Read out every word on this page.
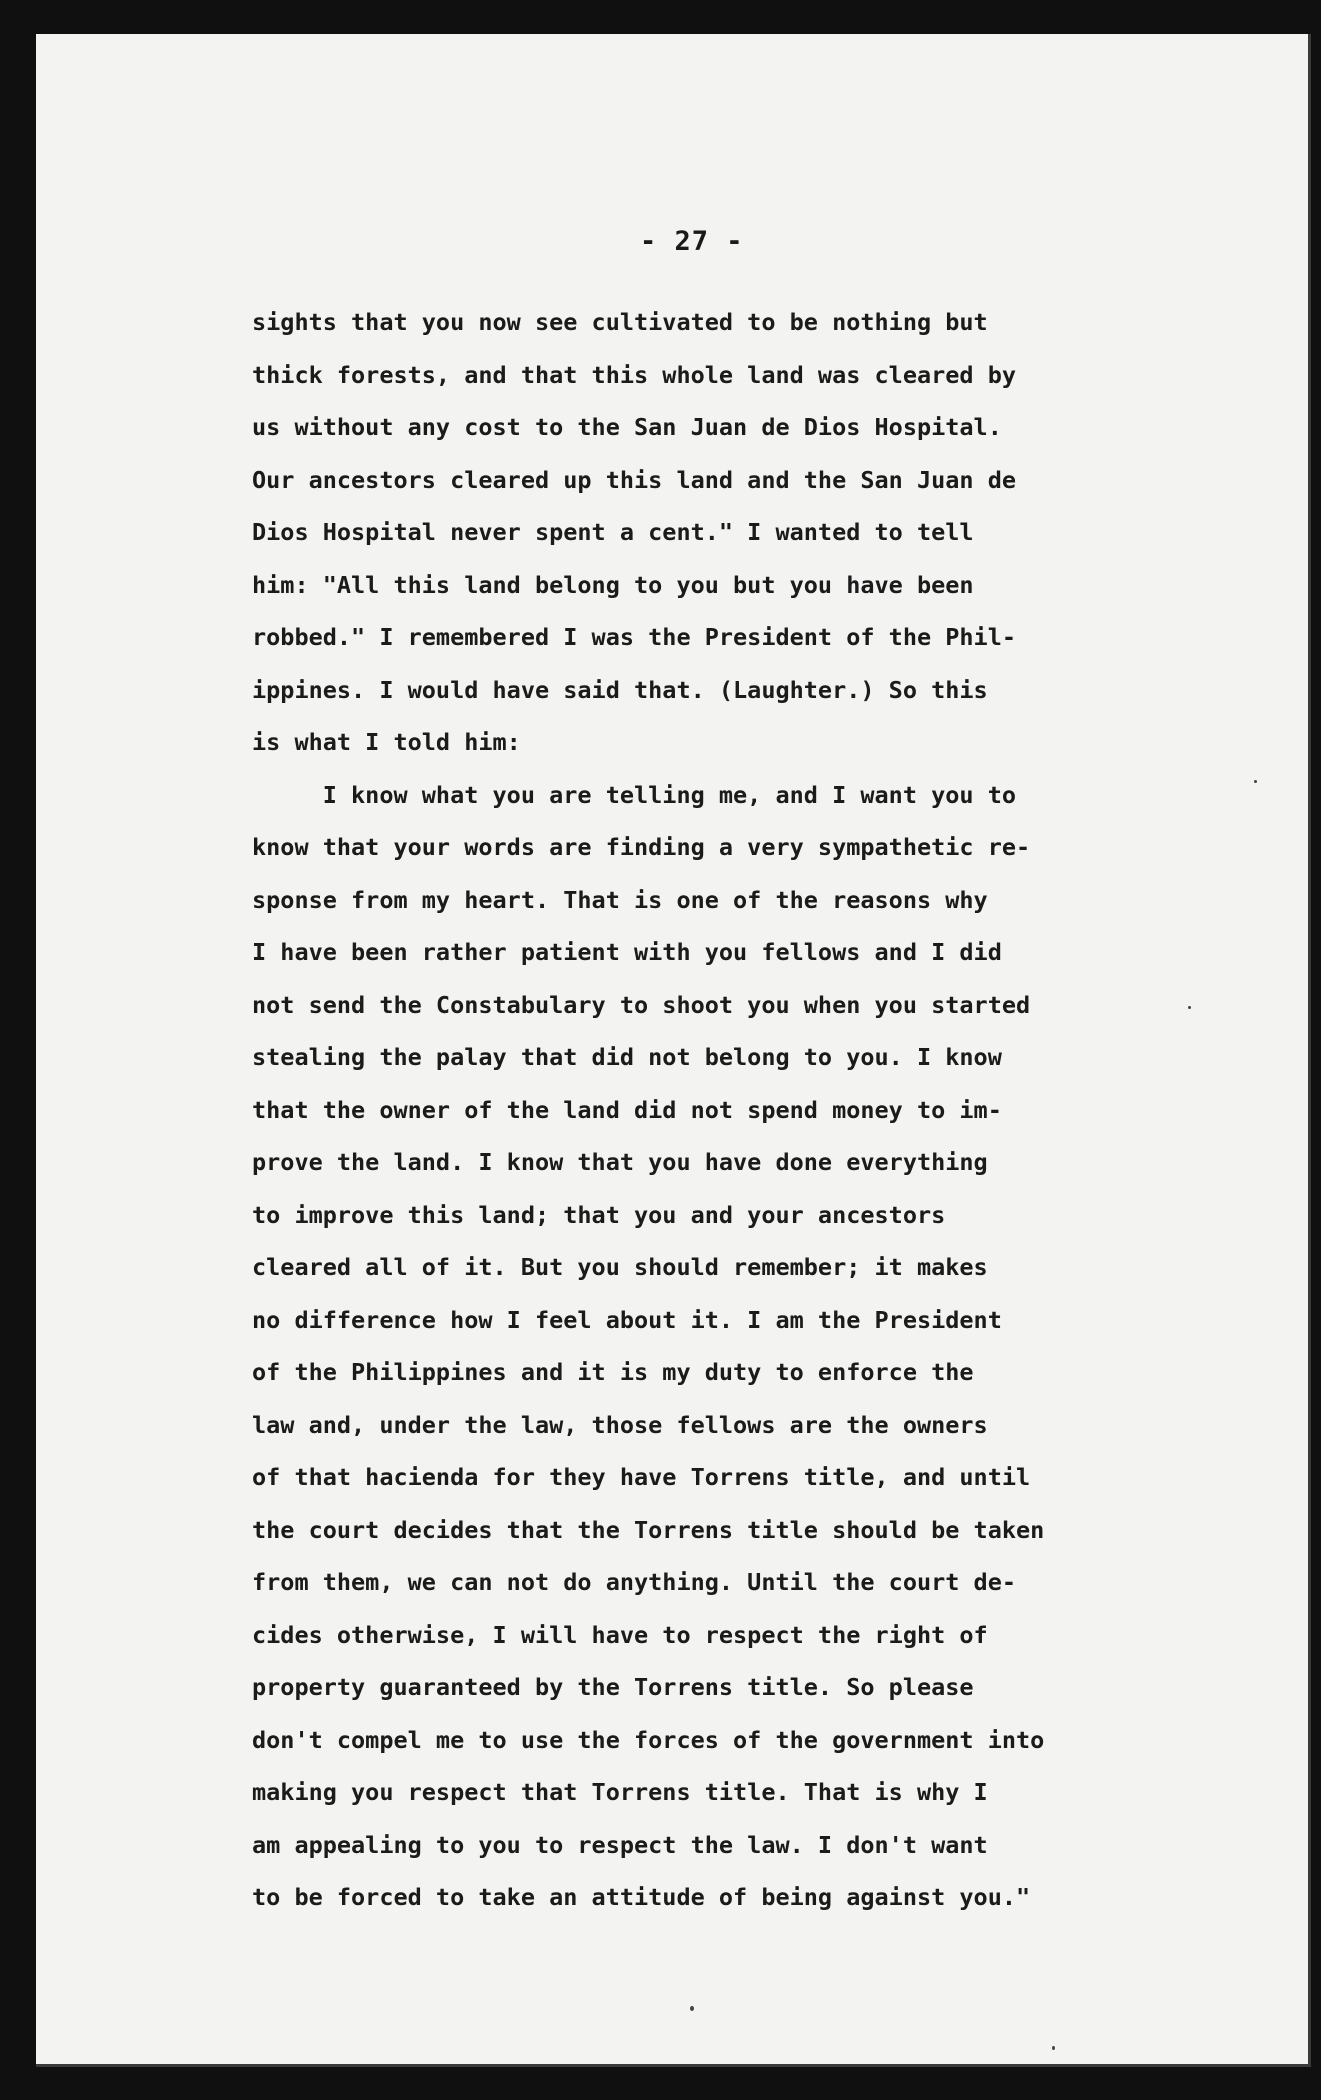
- 27 -
sights that you now see cultivated to be nothing but
thick forests, and that this whole land was cleared by
us without any cost to the San Juan de Dios Hospital.
Our ancestors cleared up this land and the San Juan de
Dios Hospital never spent a cent." I wanted to tell
him: "All this land belong to you but you have been
robbed." I remembered I was the President of the Phil-
ippines. I would have said that. (Laughter.) So this
is what I told him:
I know what you are telling me, and I want you to
know that your words are finding a very sympathetic re-
sponse from my heart. That is one of the reasons why
I have been rather patient with you fellows and I did
not send the Constabulary to shoot you when you started
stealing the palay that did not belong to you. I know
that the owner of the land did not spend money to im-
prove the land. I know that you have done everything
to improve this land; that you and your ancestors
cleared all of it. But you should remember; it makes
no difference how I feel about it. I am the President
of the Philippines and it is my duty to enforce the
law and, under the law, those fellows are the owners
of that hacienda for they have Torrens title, and until
the court decides that the Torrens title should be taken
from them, we can not do anything. Until the court de-
cides otherwise, I will have to respect the right of
property guaranteed by the Torrens title. So please
don't compel me to use the forces of the government into
making you respect that Torrens title. That is why I
am appealing to you to respect the law. I don't want
to be forced to take an attitude of being against you."
